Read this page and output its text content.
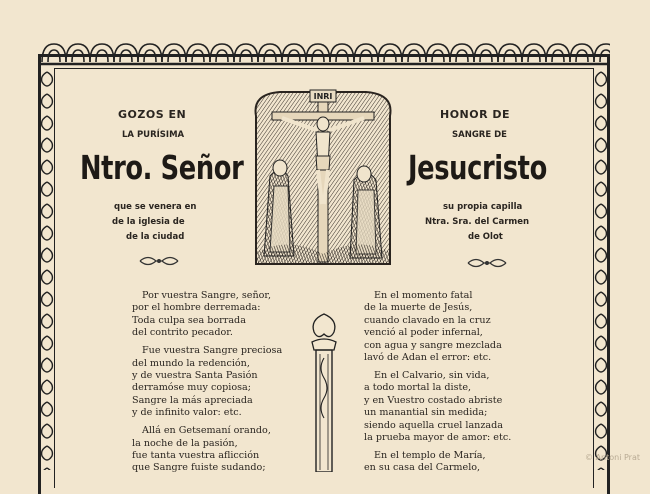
GOZOS EN
LA PURÍSIMA
Ntro. Señor
que se venera en
de la iglesia de
de la ciudad
HONOR DE
SANGRE DE
Jesucristo
su propia capilla
Ntra. Sra. del Carmen
de Olot
INRI
Por vuestra Sangre, señor,
por el hombre derremada:
Toda culpa sea borrada
del contrito pecador.
Fue vuestra Sangre preciosa
del mundo la redención,
y de vuestra Santa Pasión
derramóse muy copiosa;
Sangre la más apreciada
y de infinito valor: etc.
Allá en Getsemaní orando,
la noche de la pasión,
fue tanta vuestra aflicción
que Sangre fuiste sudando;
En el momento fatal
de la muerte de Jesús,
cuando clavado en la cruz
venció al poder infernal,
con agua y sangre mezclada
lavó de Adan el error: etc.
En el Calvario, sin vida,
a todo mortal la diste,
y en Vuestro costado abriste
un manantial sin medida;
siendo aquella cruel lanzada
la prueba mayor de amor: etc.
En el templo de María,
en su casa del Carmelo,
© Antoni Prat
